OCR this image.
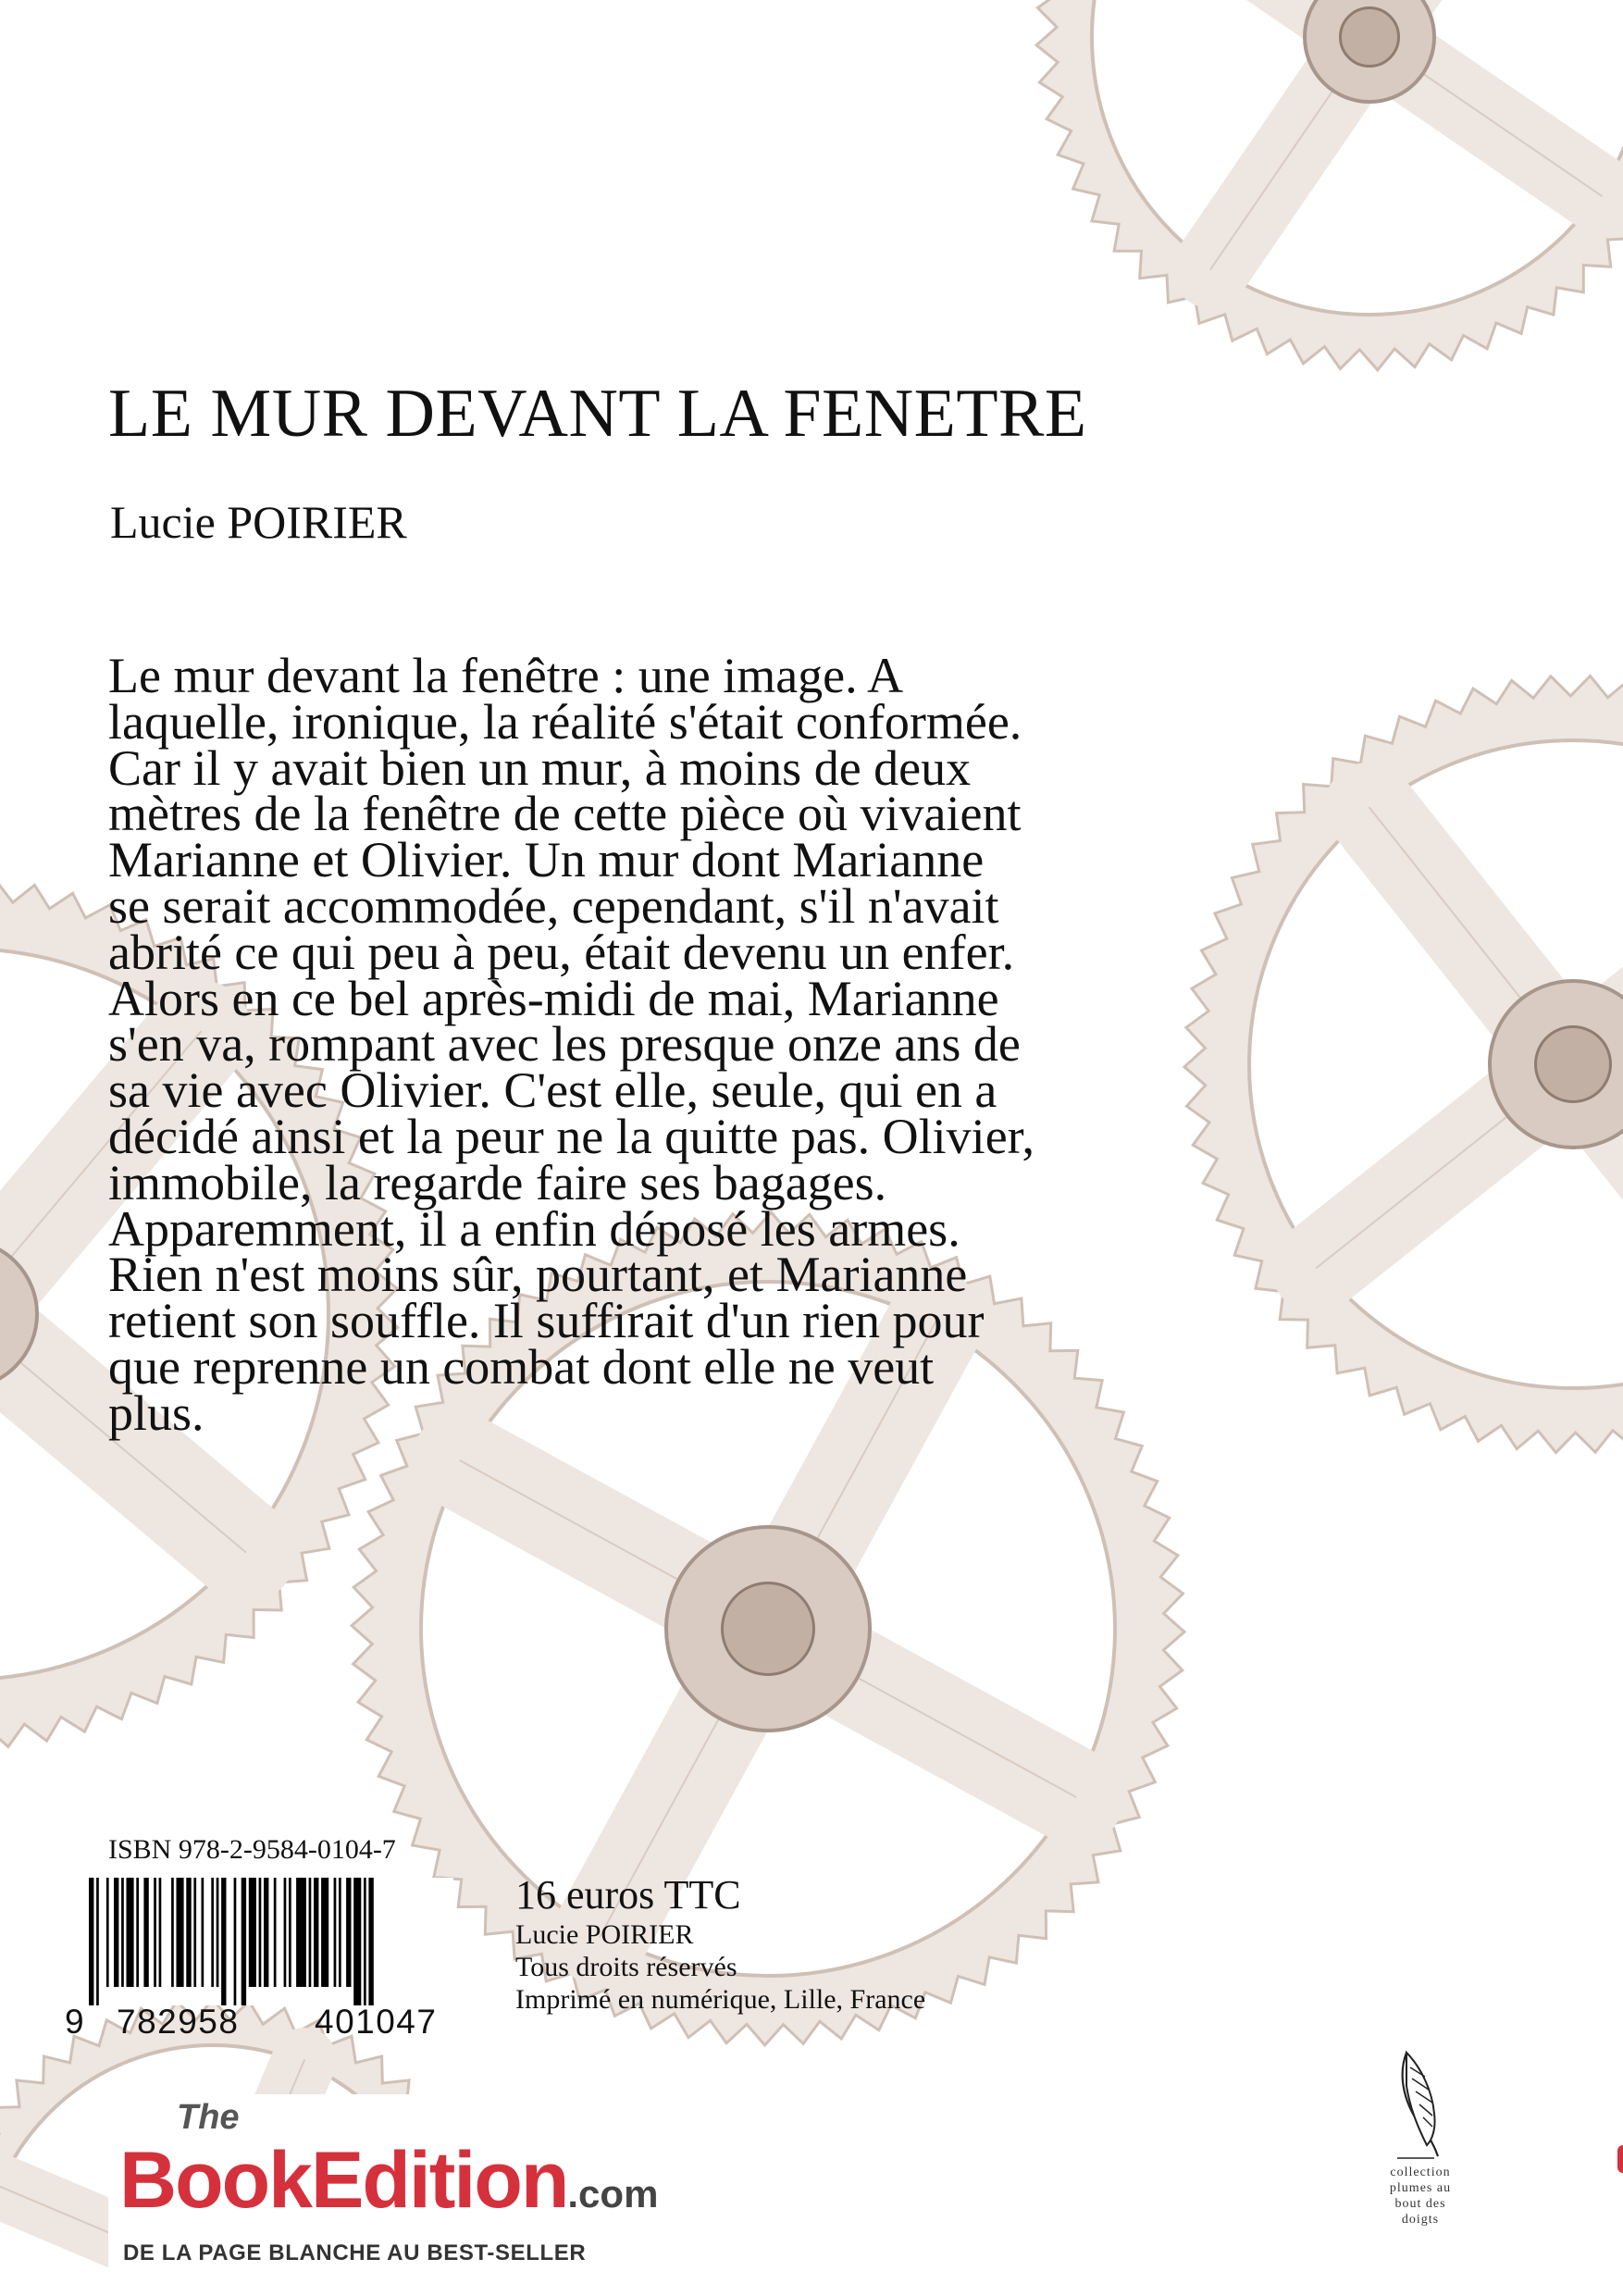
LE MUR DEVANT LA FENETRE
Lucie POIRIER

Le mur devant la fenêtre : une image. A
laquelle, ironique, la réalité s'était conformée.
Car il y avait bien un mur, à moins de deux
mètres de la fenêtre de cette pièce où vivaient
Marianne et Olivier. Un mur dont Marianne
se serait accommodée, cependant, s'il n'avait
abrité ce qui peu à peu, était devenu un enfer.
Alors en ce bel après-midi de mai, Marianne
s'en va, rompant avec les presque onze ans de
sa vie avec Olivier. C'est elle, seule, qui en a
décidé ainsi et la peur ne la quitte pas. Olivier,
immobile, la regarde faire ses bagages.
Apparemment, il a enfin déposé les armes.
Rien n'est moins sûr, pourtant, et Marianne
retient son souffle. Il suffirait d'un rien pour
que reprenne un combat dont elle ne veut
plus.

ISBN 978-2-9584-0104-7
9 782958 401047
16 euros TTC
Lucie POIRIER
Tous droits réservés
Imprimé en numérique, Lille, France
The
BookEdition.com
DE LA PAGE BLANCHE AU BEST-SELLER
collection
plumes au
bout des
doigts
